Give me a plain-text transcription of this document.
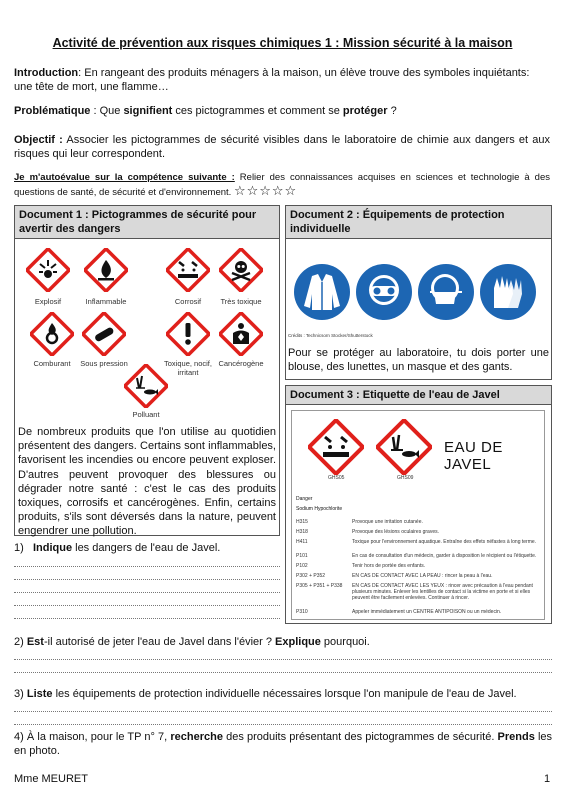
Activité de prévention aux risques chimiques 1 : Mission sécurité à la maison
Introduction: En rangeant des produits ménagers à la maison, un élève trouve des symboles inquiétants: une tête de mort, une flamme…
Problématique : Que signifient ces pictogrammes et comment se protéger ?
Objectif : Associer les pictogrammes de sécurité visibles dans le laboratoire de chimie aux dangers et aux risques qui leur correspondent.
Je m'autoévalue sur la compétence suivante : Relier des connaissances acquises en sciences et technologie à des questions de santé, de sécurité et d'environnement. ☆☆☆☆☆
Document 1 : Pictogrammes de sécurité pour avertir des dangers
Explosif	Inflammable	Corrosif	Très toxique
Comburant	Sous pression	Toxique, nocif, irritant
Cancérogène
Polluant
De nombreux produits que l'on utilise au quotidien présentent des dangers. Certains sont inflammables, favorisent les incendies ou encore peuvent exploser. D'autres peuvent provoquer des blessures ou dégrader notre santé : c'est le cas des produits toxiques, corrosifs et cancérogènes. Enfin, certains produits, s'ils sont déversés dans la nature, peuvent engendrer une pollution.
Document 2 : Équipements de protection individuelle
Crédits : Technicsorn Stocker/Shutterstock
Pour se protéger au laboratoire, tu dois porter une blouse, des lunettes, un masque et des gants.
Document 3 : Etiquette de l'eau de Javel
GHS05	GHS09
EAU DE JAVEL
Danger
Sodium Hypochlorite
H315	Provoque une irritation cutanée.
H318	Provoque des lésions oculaires graves.
H411	Toxique pour l'environnement aquatique. Entraîne des effets néfastes à long terme.
P101	En cas de consultation d'un médecin, garder à disposition le récipient ou l'étiquette.
P102	Tenir hors de portée des enfants.
P302 + P352	EN CAS DE CONTACT AVEC LA PEAU : rincer la peau à l'eau.
P305 + P351 + P338 EN CAS DE CONTACT AVEC LES YEUX : rincer avec précaution à l'eau pendant plusieurs minutes. Enlever les lentilles de contact si la victime en porte et si elles peuvent être facilement enlevées. Continuer à rincer.
P310	Appeler immédiatement un CENTRE ANTIPOISON ou un médecin.
1) Indique les dangers de l'eau de Javel.
2) Est-il autorisé de jeter l'eau de Javel dans l'évier ? Explique pourquoi.
3) Liste les équipements de protection individuelle nécessaires lorsque l'on manipule de l'eau de Javel.
4) À la maison, pour le TP n° 7, recherche des produits présentant des pictogrammes de sécurité. Prends les en photo.
Mme MEURET	1
